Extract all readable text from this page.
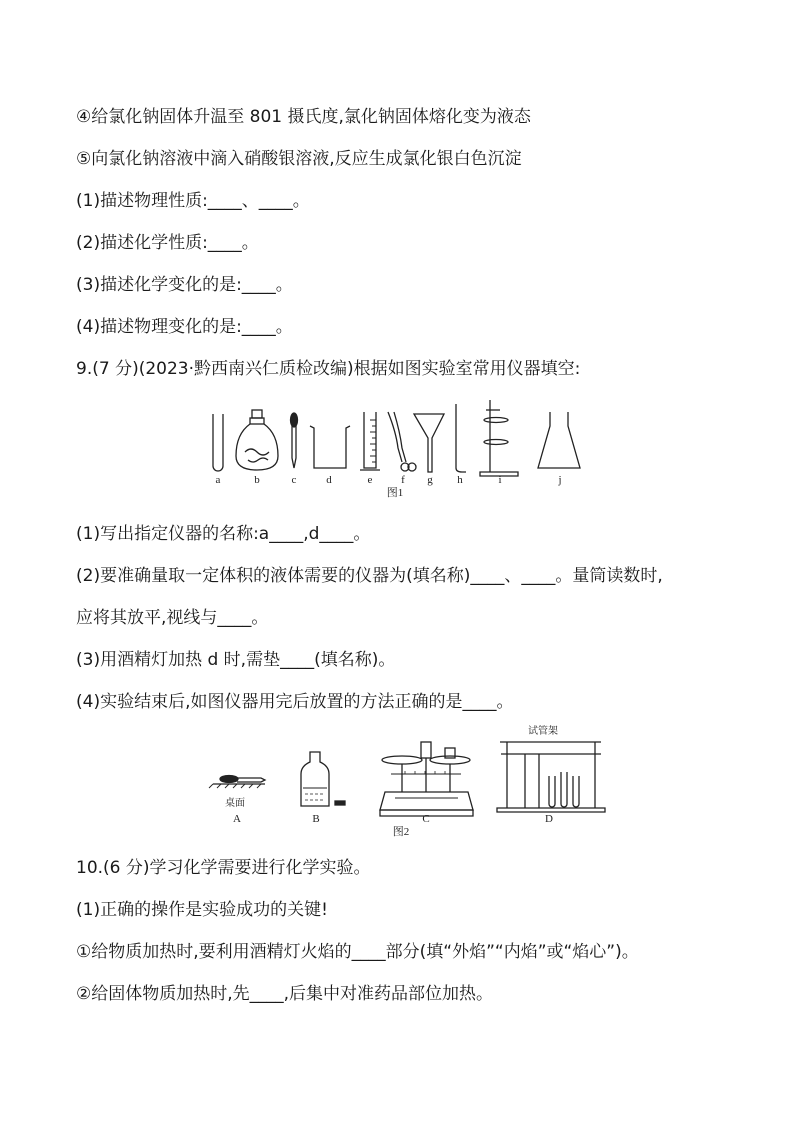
④给氯化钠固体升温至 801 摄氏度,氯化钠固体熔化变为液态
⑤向氯化钠溶液中滴入硝酸银溶液,反应生成氯化银白色沉淀
(1)描述物理性质:____、____。
(2)描述化学性质:____。
(3)描述化学变化的是:____。
(4)描述物理变化的是:____。
9.(7 分)(2023·黔西南兴仁质检改编)根据如图实验室常用仪器填空:
a	b	c	d	e	f g h	i	j
图1
(1)写出指定仪器的名称:a____,d____。
(2)要准确量取一定体积的液体需要的仪器为(填名称)____、____。量筒读数时,
应将其放平,视线与____。
(3)用酒精灯加热 d 时,需垫____(填名称)。
(4)实验结束后,如图仪器用完后放置的方法正确的是____。
桌面
试管架
A	B	C	D
图2
10.(6 分)学习化学需要进行化学实验。
(1)正确的操作是实验成功的关键!
①给物质加热时,要利用酒精灯火焰的____部分(填“外焰”“内焰”或“焰心”)。
②给固体物质加热时,先____,后集中对准药品部位加热。
